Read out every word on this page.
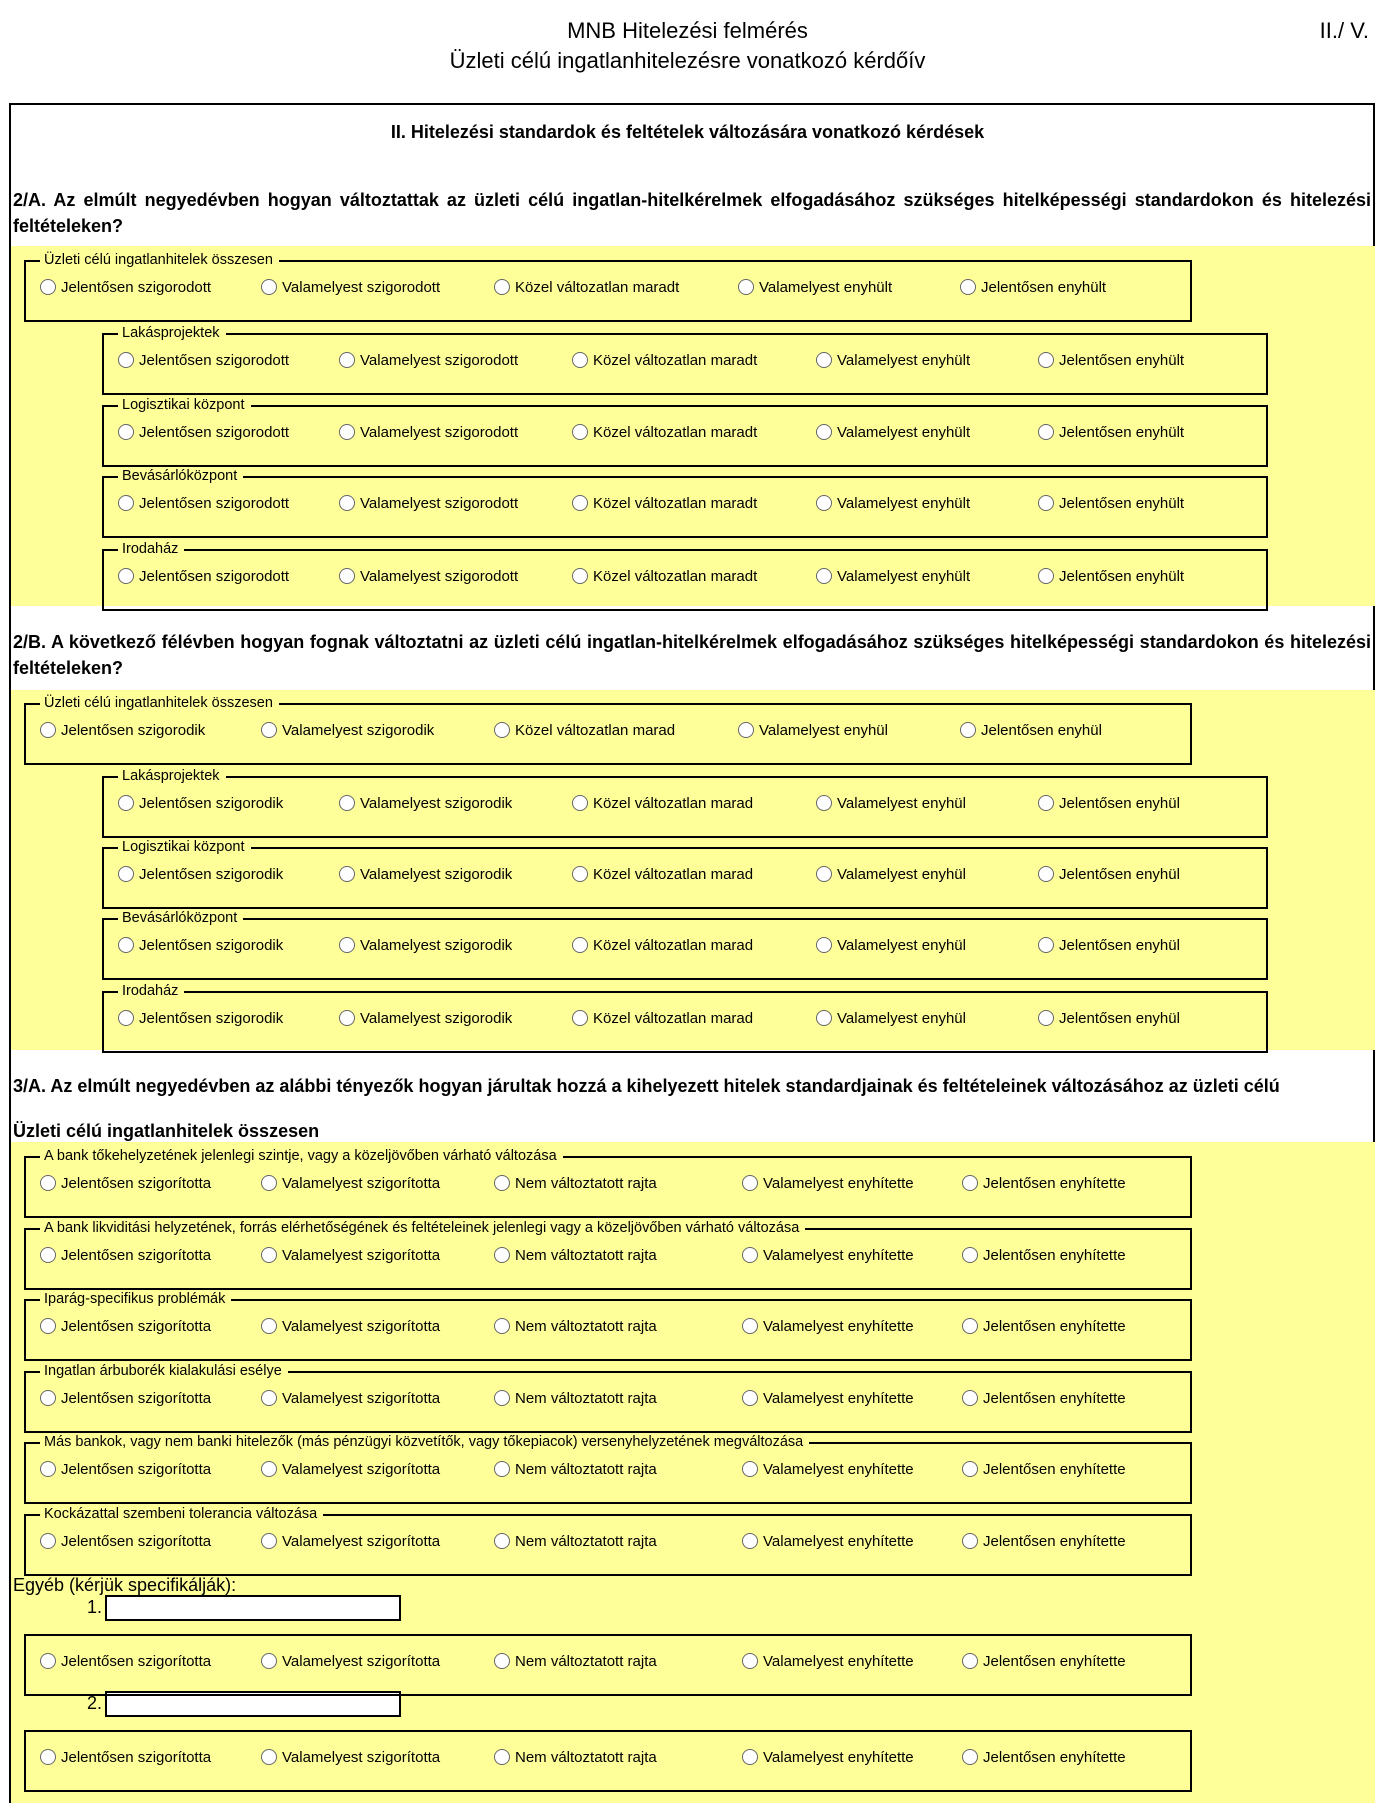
MNB Hitelezési felmérés
Üzleti célú ingatlanhitelezésre vonatkozó kérdőív
II./ V.
II. Hitelezési standardok és feltételek változására vonatkozó kérdések
2/A. Az elmúlt negyedévben hogyan változtattak az üzleti célú ingatlan-hitelkérelmek elfogadásához szükséges hitelképességi standardokon és hitelezési feltételeken?
2/B. A következő félévben hogyan fognak változtatni az üzleti célú ingatlan-hitelkérelmek elfogadásához szükséges hitelképességi standardokon és hitelezési feltételeken?
3/A. Az elmúlt negyedévben az alábbi tényezők hogyan járultak hozzá a kihelyezett hitelek standardjainak és feltételeinek változásához az üzleti célú
Üzleti célú ingatlanhitelek összesen
Egyéb (kérjük specifikálják):
1.
2.
Üzleti célú ingatlanhitelek összesen
Jelentősen szigorodott	Valamelyest szigorodott	Közel változatlan maradt	Valamelyest enyhült	Jelentősen enyhült
Lakásprojektek
Jelentősen szigorodott	Valamelyest szigorodott	Közel változatlan maradt	Valamelyest enyhült	Jelentősen enyhült
Logisztikai központ
Jelentősen szigorodott	Valamelyest szigorodott	Közel változatlan maradt	Valamelyest enyhült	Jelentősen enyhült
Bevásárlóközpont
Jelentősen szigorodott	Valamelyest szigorodott	Közel változatlan maradt	Valamelyest enyhült	Jelentősen enyhült
Irodaház
Jelentősen szigorodott	Valamelyest szigorodott	Közel változatlan maradt	Valamelyest enyhült	Jelentősen enyhült
Üzleti célú ingatlanhitelek összesen
Jelentősen szigorodik	Valamelyest szigorodik	Közel változatlan marad	Valamelyest enyhül	Jelentősen enyhül
Lakásprojektek
Jelentősen szigorodik	Valamelyest szigorodik	Közel változatlan marad	Valamelyest enyhül	Jelentősen enyhül
Logisztikai központ
Jelentősen szigorodik	Valamelyest szigorodik	Közel változatlan marad	Valamelyest enyhül	Jelentősen enyhül
Bevásárlóközpont
Jelentősen szigorodik	Valamelyest szigorodik	Közel változatlan marad	Valamelyest enyhül	Jelentősen enyhül
Irodaház
Jelentősen szigorodik	Valamelyest szigorodik	Közel változatlan marad	Valamelyest enyhül	Jelentősen enyhül
A bank tőkehelyzetének jelenlegi szintje, vagy a közeljövőben várható változása
Jelentősen szigorította	Valamelyest szigorította	Nem változtatott rajta	Valamelyest enyhítette	Jelentősen enyhítette
A bank likviditási helyzetének, forrás elérhetőségének és feltételeinek jelenlegi vagy a közeljövőben várható változása
Jelentősen szigorította	Valamelyest szigorította	Nem változtatott rajta	Valamelyest enyhítette	Jelentősen enyhítette
Iparág-specifikus problémák
Jelentősen szigorította	Valamelyest szigorította	Nem változtatott rajta	Valamelyest enyhítette	Jelentősen enyhítette
Ingatlan árbuborék kialakulási esélye
Jelentősen szigorította	Valamelyest szigorította	Nem változtatott rajta	Valamelyest enyhítette	Jelentősen enyhítette
Más bankok, vagy nem banki hitelezők (más pénzügyi közvetítők, vagy tőkepiacok) versenyhelyzetének megváltozása
Jelentősen szigorította	Valamelyest szigorította	Nem változtatott rajta	Valamelyest enyhítette	Jelentősen enyhítette
Kockázattal szembeni tolerancia változása
Jelentősen szigorította	Valamelyest szigorította	Nem változtatott rajta	Valamelyest enyhítette	Jelentősen enyhítette
Jelentősen szigorította	Valamelyest szigorította	Nem változtatott rajta	Valamelyest enyhítette	Jelentősen enyhítette
Jelentősen szigorította	Valamelyest szigorította	Nem változtatott rajta	Valamelyest enyhítette	Jelentősen enyhítette
